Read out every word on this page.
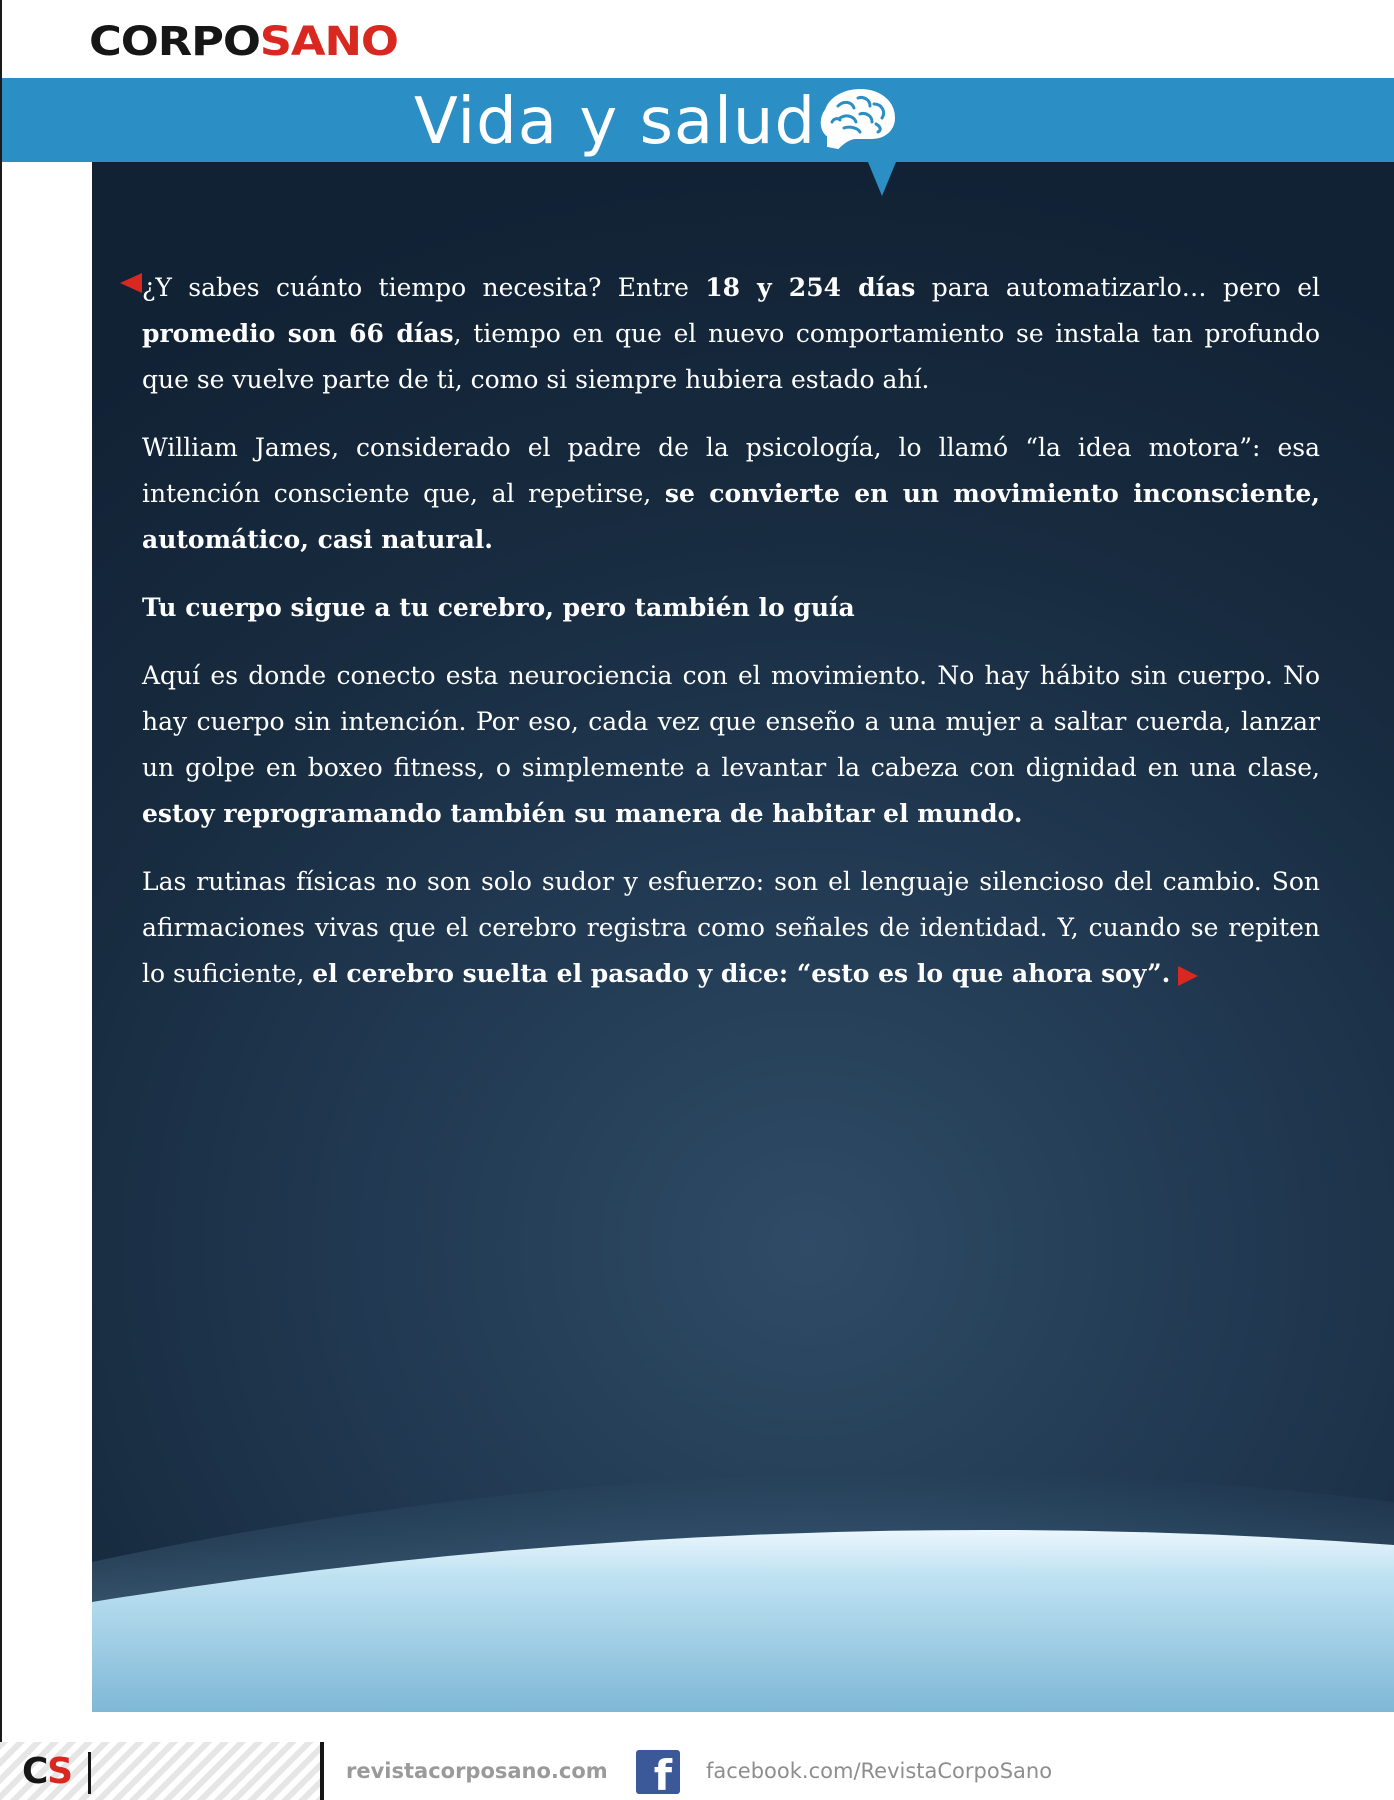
CORPOSANO
Vida y salud

¿Y sabes cuánto tiempo necesita? Entre 18 y 254 días para automatizarlo… pero el promedio son 66 días, tiempo en que el nuevo comportamiento se instala tan profundo que se vuelve parte de ti, como si siempre hubiera estado ahí.

William James, considerado el padre de la psicología, lo llamó “la idea motora”: esa intención consciente que, al repetirse, se convierte en un movimiento inconsciente, automático, casi natural.

Tu cuerpo sigue a tu cerebro, pero también lo guía

Aquí es donde conecto esta neurociencia con el movimiento. No hay hábito sin cuerpo. No hay cuerpo sin intención. Por eso, cada vez que enseño a una mujer a saltar cuerda, lanzar un golpe en boxeo fitness, o simplemente a levantar la cabeza con dignidad en una clase, estoy reprogramando también su manera de habitar el mundo.

Las rutinas físicas no son solo sudor y esfuerzo: son el lenguaje silencioso del cambio. Son afirmaciones vivas que el cerebro registra como señales de identidad. Y, cuando se repiten lo suficiente, el cerebro suelta el pasado y dice: “esto es lo que ahora soy”.

CS	revistacorposano.com f facebook.com/RevistaCorpoSano
